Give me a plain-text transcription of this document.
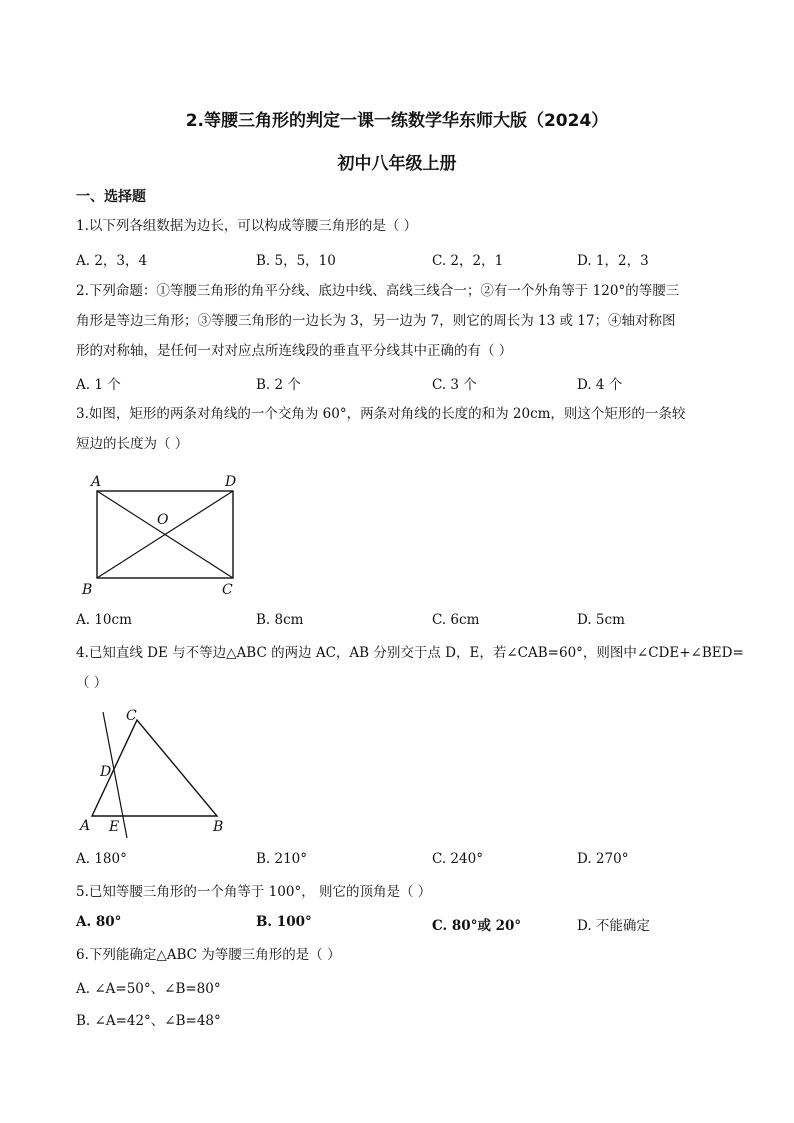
2.等腰三角形的判定一课一练数学华东师大版（2024）
初中八年级上册
一、选择题
1.以下列各组数据为边长，可以构成等腰三角形的是（ ）
A. 2，3，4	B. 5，5，10	C. 2，2，1	D. 1，2，3
2.下列命题：①等腰三角形的角平分线、底边中线、高线三线合一；②有一个外角等于 120°的等腰三
角形是等边三角形；③等腰三角形的一边长为 3，另一边为 7，则它的周长为 13 或 17；④轴对称图
形的对称轴，是任何一对对应点所连线段的垂直平分线其中正确的有（ ）
A. 1 个	B. 2 个	C. 3 个	D. 4 个
3.如图，矩形的两条对角线的一个交角为 60°，两条对角线的长度的和为 20cm，则这个矩形的一条较
短边的长度为（ ）
A	D
O
B	C
A. 10cm	B. 8cm	C. 6cm	D. 5cm
4.已知直线 DE 与不等边△ABC 的两边 AC，AB 分别交于点 D，E，若∠CAB=60°，则图中∠CDE+∠BED=
（ ）
A E	B
C
D
A. 180°	B. 210°	C. 240°	D. 270°
5.已知等腰三角形的一个角等于 100°， 则它的顶角是（ ）
A. 80°	B. 100°	C. 80°或 20°	D. 不能确定
6.下列能确定△ABC 为等腰三角形的是（ ）
A. ∠A=50°、∠B=80°
B. ∠A=42°、∠B=48°
